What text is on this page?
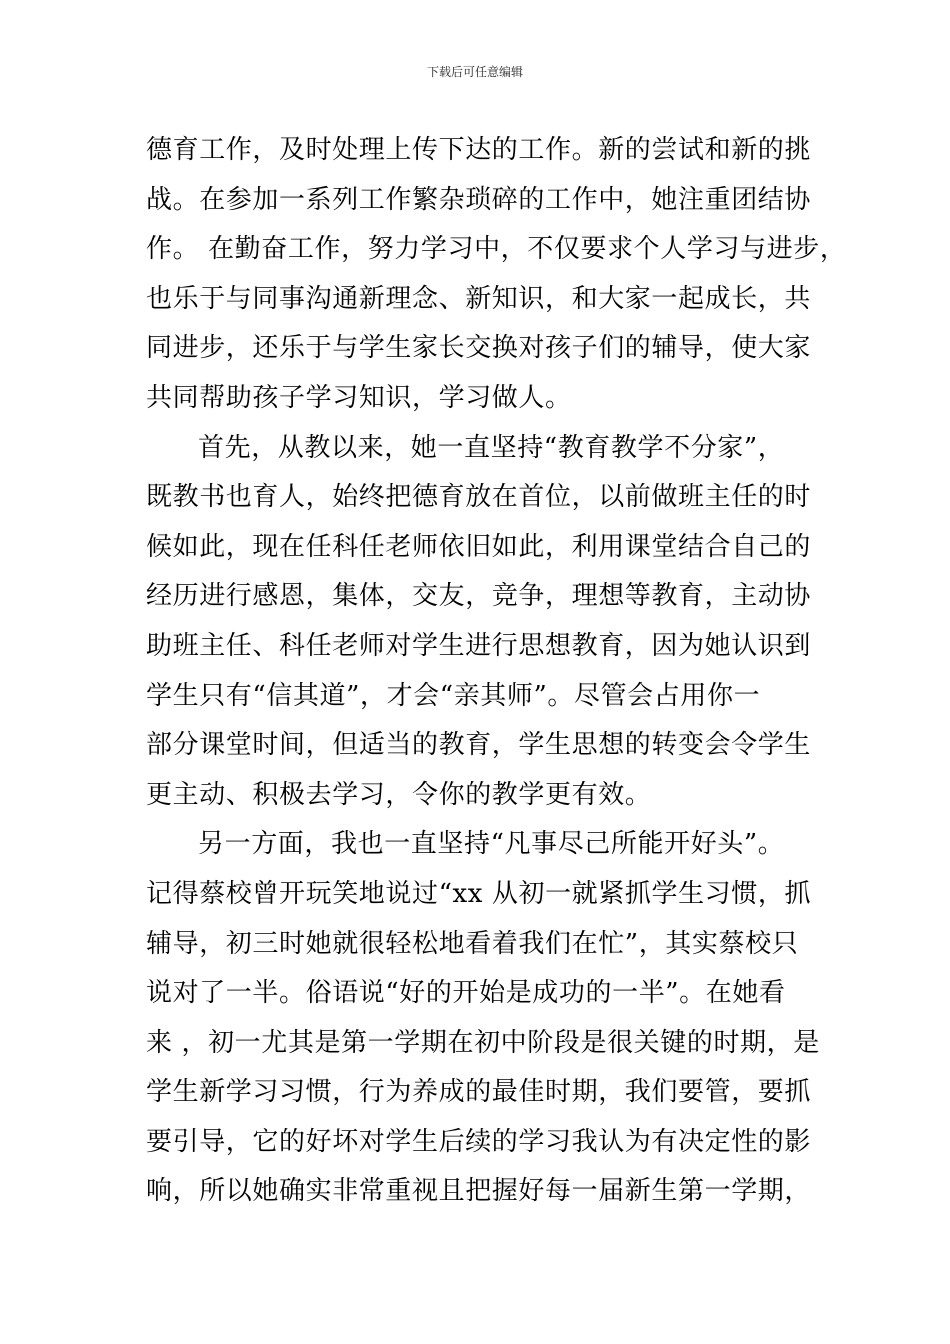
下载后可任意编辑
德育工作，及时处理上传下达的工作。新的尝试和新的挑
战。在参加一系列工作繁杂琐碎的工作中，她注重团结协
作。 在勤奋工作，努力学习中，不仅要求个人学习与进步，
也乐于与同事沟通新理念、新知识，和大家一起成长，共
同进步，还乐于与学生家长交换对孩子们的辅导，使大家
共同帮助孩子学习知识，学习做人。
首先，从教以来，她一直坚持“教育教学不分家”，
既教书也育人，始终把德育放在首位，以前做班主任的时
候如此，现在任科任老师依旧如此，利用课堂结合自己的
经历进行感恩，集体，交友，竞争，理想等教育，主动协
助班主任、科任老师对学生进行思想教育，因为她认识到
学生只有“信其道”，才会“亲其师”。尽管会占用你一
部分课堂时间，但适当的教育，学生思想的转变会令学生
更主动、积极去学习，令你的教学更有效。
另一方面，我也一直坚持“凡事尽己所能开好头”。
记得蔡校曾开玩笑地说过“xx 从初一就紧抓学生习惯，抓
辅导，初三时她就很轻松地看着我们在忙”，其实蔡校只
说对了一半。俗语说“好的开始是成功的一半”。在她看
来 ，初一尤其是第一学期在初中阶段是很关键的时期，是
学生新学习习惯，行为养成的最佳时期，我们要管，要抓
要引导，它的好坏对学生后续的学习我认为有决定性的影
响，所以她确实非常重视且把握好每一届新生第一学期，
